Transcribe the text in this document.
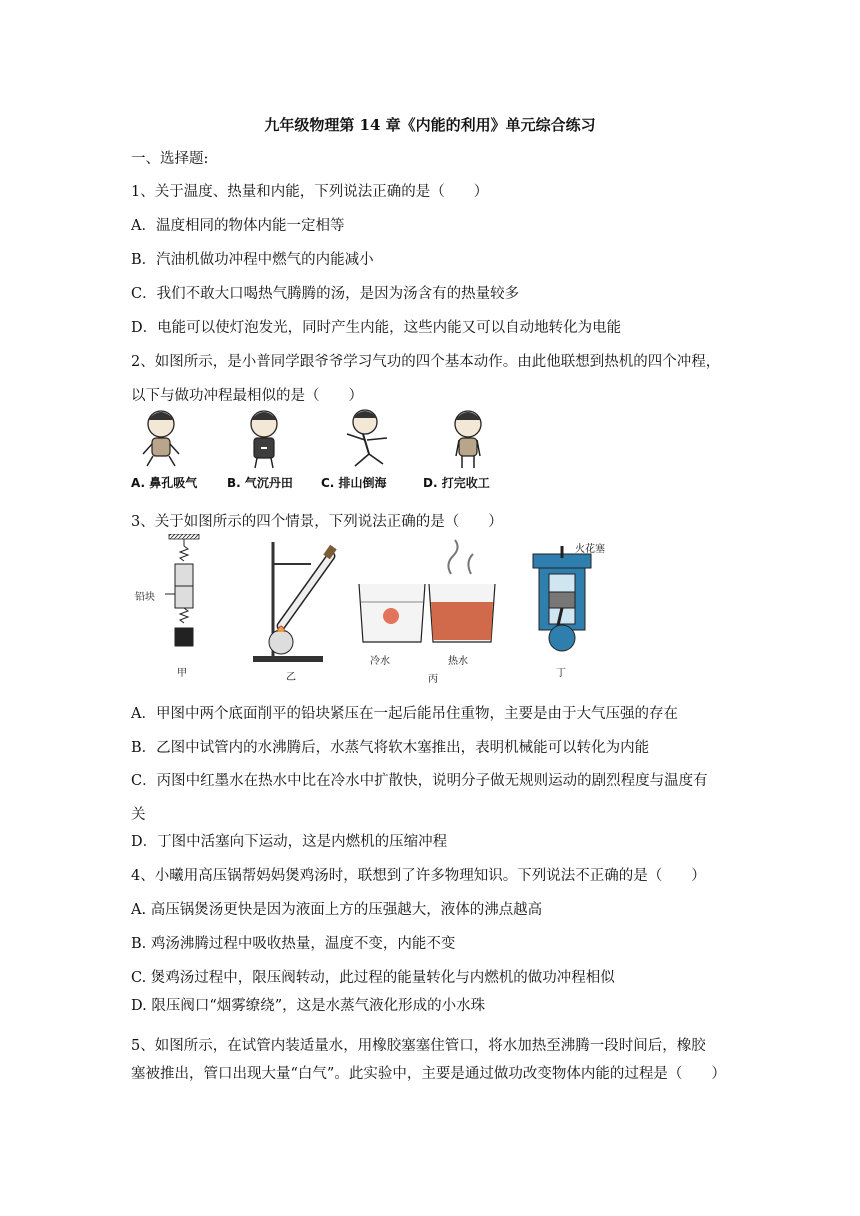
九年级物理第 14 章《内能的利用》单元综合练习
一、选择题:
1、关于温度、热量和内能，下列说法正确的是（　　）
A．温度相同的物体内能一定相等
B．汽油机做功冲程中燃气的内能减小
C．我们不敢大口喝热气腾腾的汤，是因为汤含有的热量较多
D．电能可以使灯泡发光，同时产生内能，这些内能又可以自动地转化为电能
2、如图所示，是小普同学跟爷爷学习气功的四个基本动作。由此他联想到热机的四个冲程，
以下与做功冲程最相似的是（　　）
A. 鼻孔吸气 B. 气沉丹田 C. 排山倒海	D. 打完收工
3、关于如图所示的四个情景，下列说法正确的是（　　）
铅块
甲	乙
冷水	热水
丙
火花塞
丁
A．甲图中两个底面削平的铅块紧压在一起后能吊住重物，主要是由于大气压强的存在
B．乙图中试管内的水沸腾后，水蒸气将软木塞推出，表明机械能可以转化为内能
C．丙图中红墨水在热水中比在冷水中扩散快，说明分子做无规则运动的剧烈程度与温度有
关
D．丁图中活塞向下运动，这是内燃机的压缩冲程
4、小曦用高压锅帮妈妈煲鸡汤时，联想到了许多物理知识。下列说法不正确的是（　　）
A. 高压锅煲汤更快是因为液面上方的压强越大，液体的沸点越高
B. 鸡汤沸腾过程中吸收热量，温度不变，内能不变
C. 煲鸡汤过程中，限压阀转动，此过程的能量转化与内燃机的做功冲程相似
D. 限压阀口“烟雾缭绕”，这是水蒸气液化形成的小水珠
5、如图所示，在试管内装适量水，用橡胶塞塞住管口，将水加热至沸腾一段时间后，橡胶
塞被推出，管口出现大量“白气”。此实验中，主要是通过做功改变物体内能的过程是（　　）
